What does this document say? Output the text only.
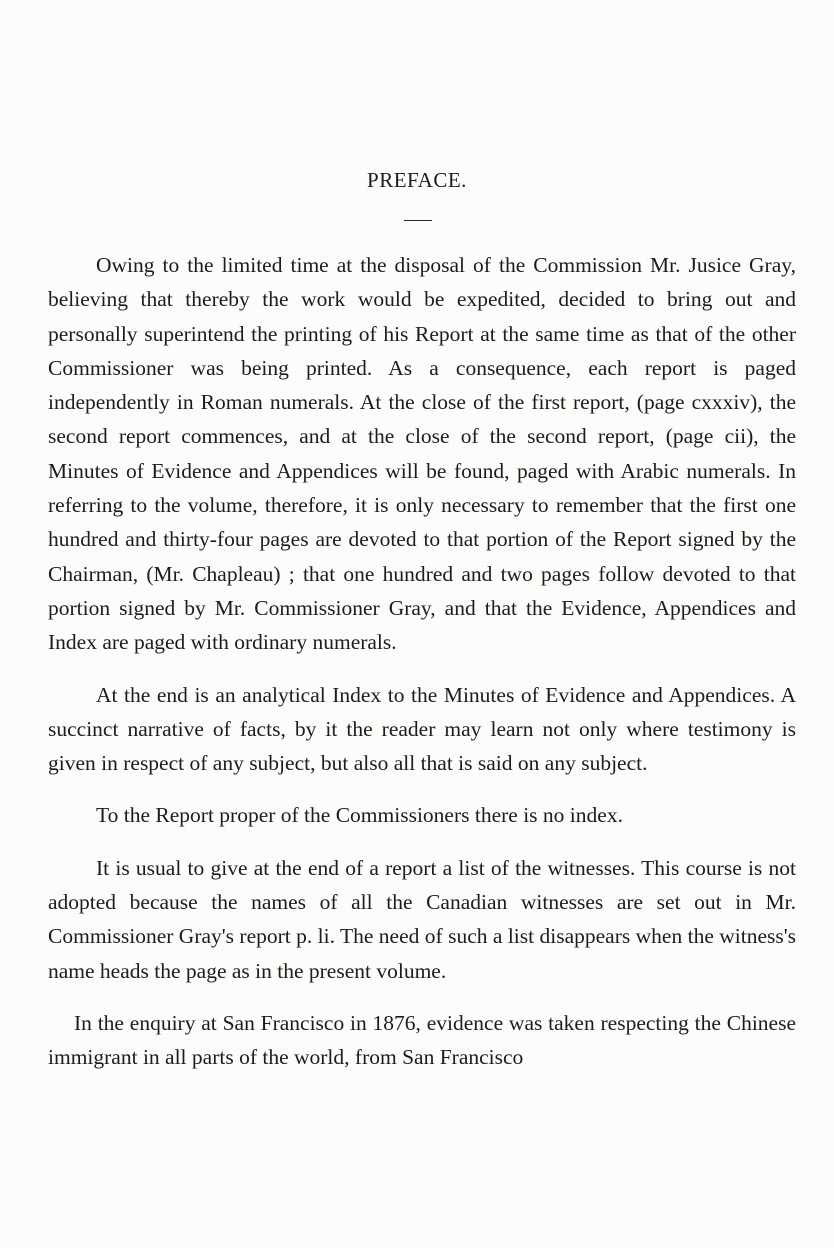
PREFACE.

Owing to the limited time at the disposal of the Commission Mr. Jusice Gray, believing that thereby the work would be expedited, decided to bring out and personally superintend the printing of his Report at the same time as that of the other Commissioner was being printed. As a consequence, each report is paged independently in Roman numerals. At the close of the first report, (page cxxxiv), the second report commences, and at the close of the second report, (page cii), the Minutes of Evidence and Appendices will be found, paged with Arabic numerals. In referring to the volume, therefore, it is only necessary to remember that the first one hundred and thirty-four pages are devoted to that portion of the Report signed by the Chairman, (Mr. Chapleau) ; that one hundred and two pages follow devoted to that portion signed by Mr. Commissioner Gray, and that the Evidence, Appendices and Index are paged with ordinary numerals.

At the end is an analytical Index to the Minutes of Evidence and Appendices. A succinct narrative of facts, by it the reader may learn not only where testimony is given in respect of any subject, but also all that is said on any subject.

To the Report proper of the Commissioners there is no index.

It is usual to give at the end of a report a list of the witnesses. This course is not adopted because the names of all the Canadian witnesses are set out in Mr. Commissioner Gray's report p. li. The need of such a list disappears when the witness's name heads the page as in the present volume.

In the enquiry at San Francisco in 1876, evidence was taken respecting the Chinese immigrant in all parts of the world, from San Francisco
